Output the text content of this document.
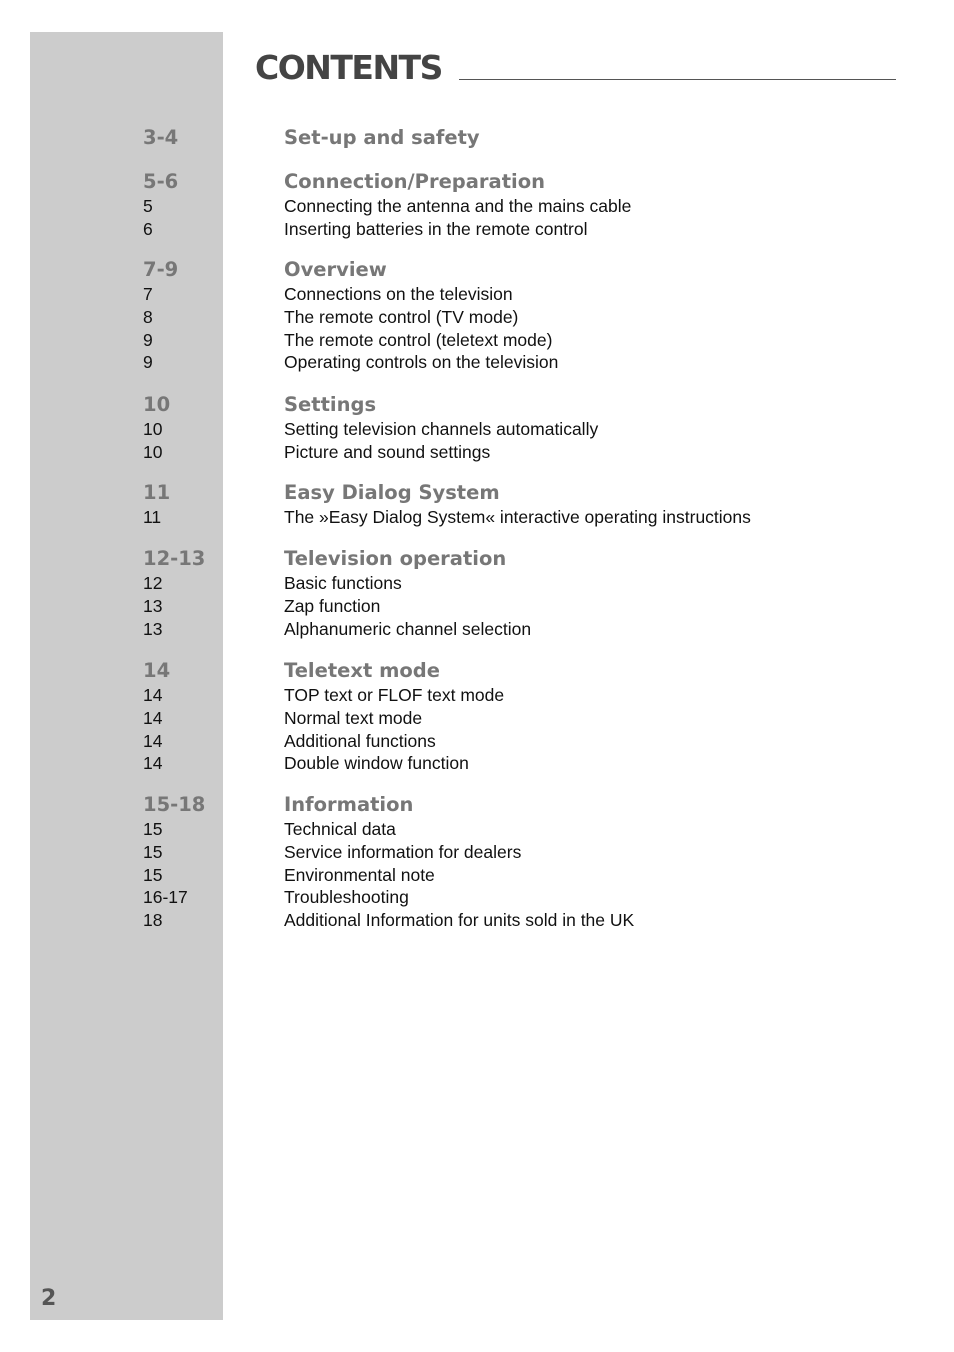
CONTENTS
3-4	Set-up and safety
5-6	Connection/Preparation
5	Connecting the antenna and the mains cable
6	Inserting batteries in the remote control
7-9	Overview
7	Connections on the television
8	The remote control (TV mode)
9	The remote control (teletext mode)
9	Operating controls on the television
10	Settings
10	Setting television channels automatically
10	Picture and sound settings
11	Easy Dialog System
11	The »Easy Dialog System« interactive operating instructions
12-13	Television operation
12	Basic functions
13	Zap function
13	Alphanumeric channel selection
14	Teletext mode
14	TOP text or FLOF text mode
14	Normal text mode
14	Additional functions
14	Double window function
15-18	Information
15	Technical data
15	Service information for dealers
15	Environmental note
16-17	Troubleshooting
18	Additional Information for units sold in the UK
2
